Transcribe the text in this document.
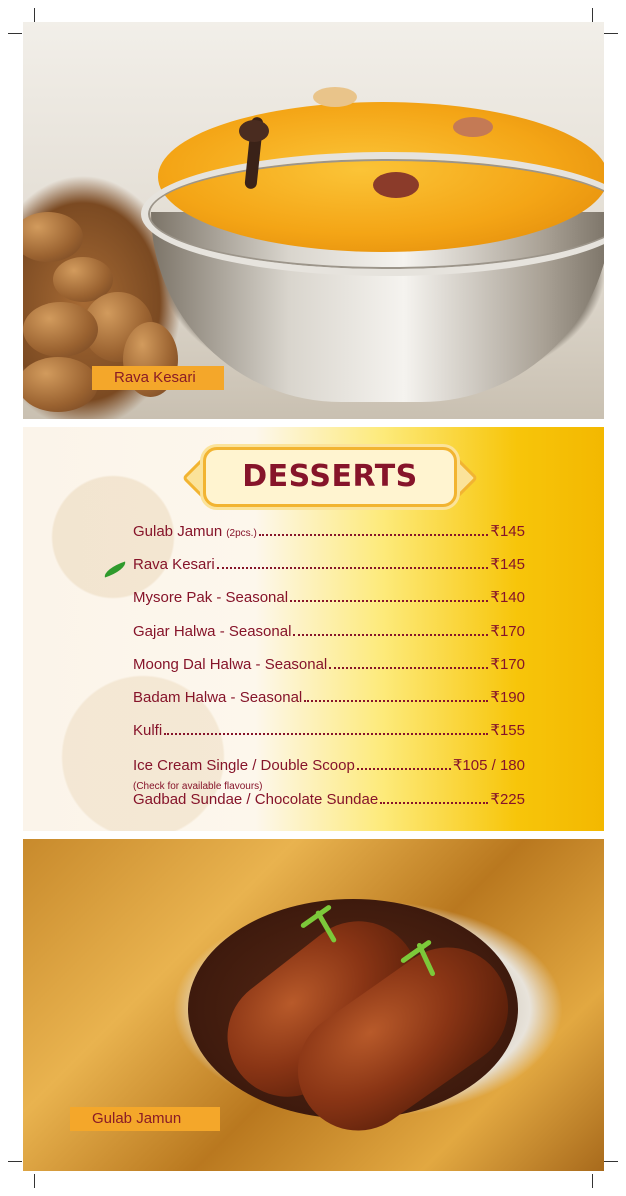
Rava Kesari
DESSERTS
Gulab Jamun (2pcs.)	₹145
Rava Kesari	₹145
Mysore Pak - Seasonal	₹140
Gajar Halwa - Seasonal	₹170
Moong Dal Halwa - Seasonal	₹170
Badam Halwa - Seasonal	₹190
Kulfi	₹155
Ice Cream Single / Double Scoop	₹105 / 180
(Check for available flavours)
Gadbad Sundae / Chocolate Sundae	₹225
Gulab Jamun
